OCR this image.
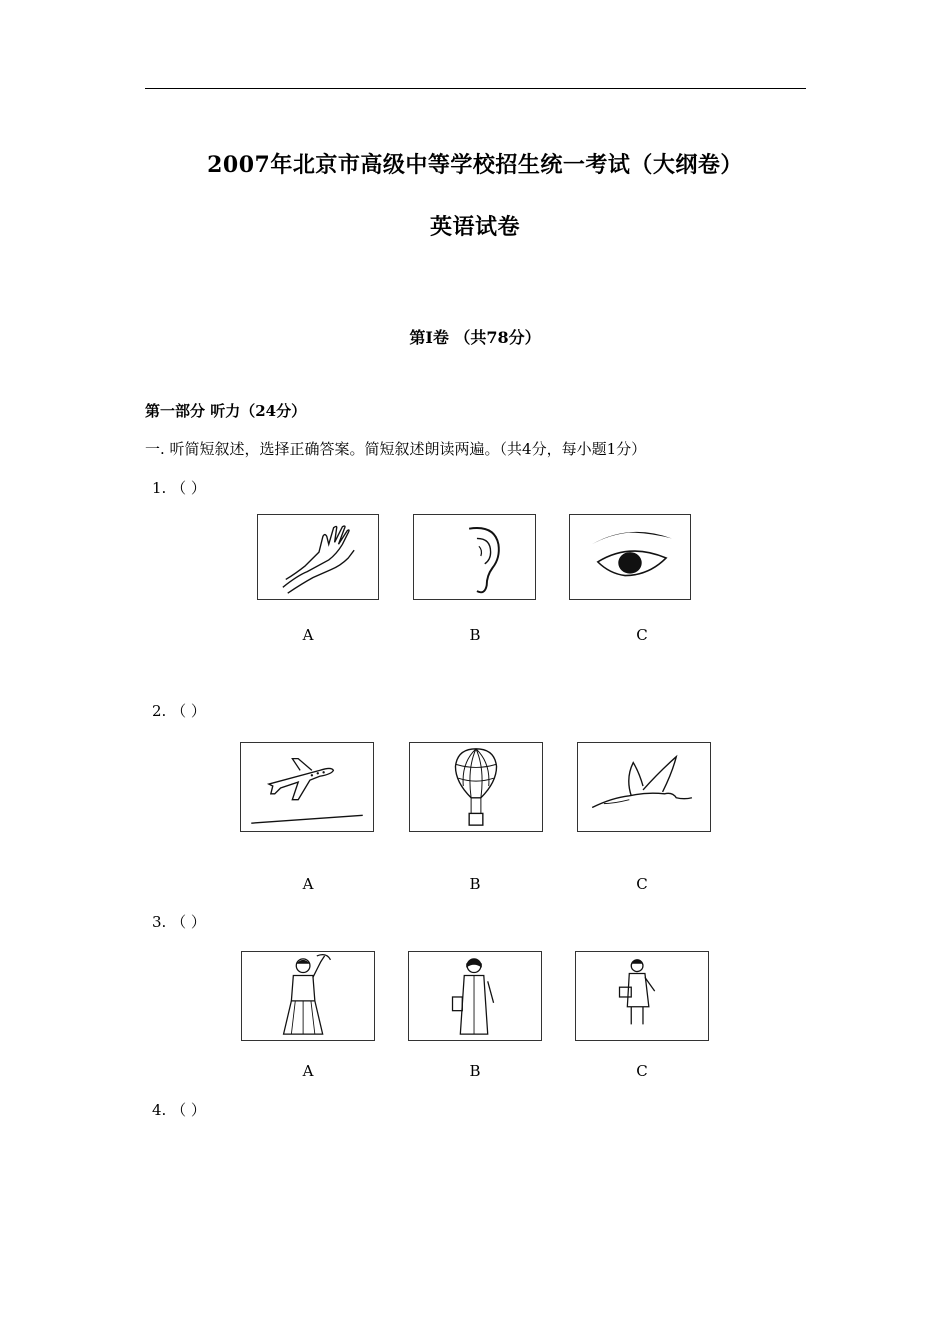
2007年北京市高级中等学校招生统一考试（大纲卷）
英语试卷
第Ⅰ卷 （共78分）
第一部分 听力（24分）
一. 听简短叙述，选择正确答案。简短叙述朗读两遍。（共4分，每小题1分）
1. （ ）
A	B	C
2. （ ）
A	B	C
3. （ ）
A	B	C
4. （ ）
